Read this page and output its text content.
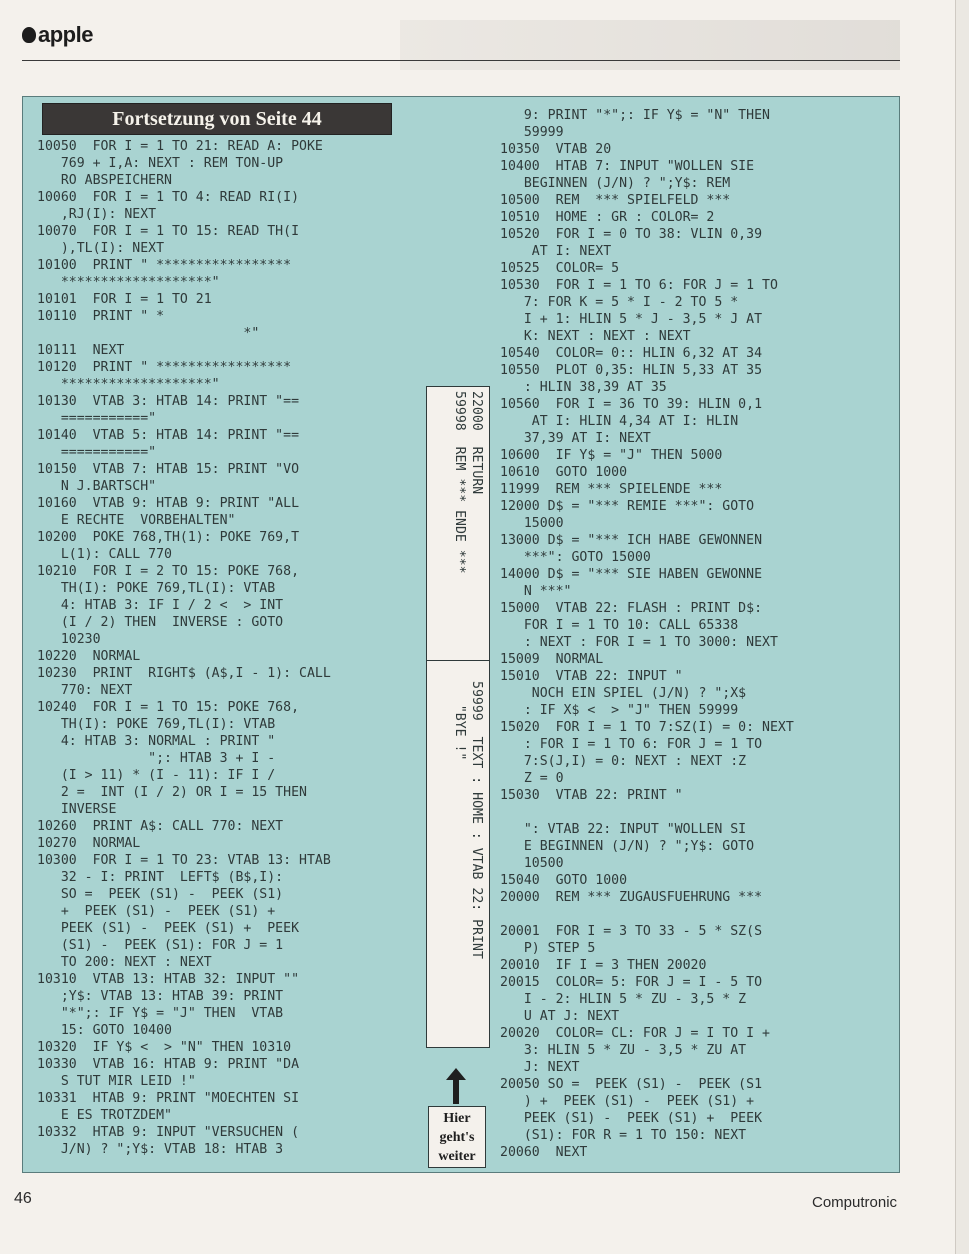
apple
Fortsetzung von Seite 44
10050  FOR I = 1 TO 21: READ A: POKE
769 + I,A: NEXT : REM TON-UP
RO ABSPEICHERN
10060  FOR I = 1 TO 4: READ RI(I)
,RJ(I): NEXT
10070  FOR I = 1 TO 15: READ TH(I
),TL(I): NEXT
10100  PRINT " *****************
*******************"
10101  FOR I = 1 TO 21
10110  PRINT " *
*"
10111  NEXT
10120  PRINT " *****************
*******************"
10130  VTAB 3: HTAB 14: PRINT "==
==========="
10140  VTAB 5: HTAB 14: PRINT "==
==========="
10150  VTAB 7: HTAB 15: PRINT "VO
N J.BARTSCH"
10160  VTAB 9: HTAB 9: PRINT "ALL
E RECHTE  VORBEHALTEN"
10200  POKE 768,TH(1): POKE 769,T
L(1): CALL 770
10210  FOR I = 2 TO 15: POKE 768,
TH(I): POKE 769,TL(I): VTAB
4: HTAB 3: IF I / 2 <  > INT
(I / 2) THEN  INVERSE : GOTO
10230
10220  NORMAL
10230  PRINT  RIGHT$ (A$,I - 1): CALL
770: NEXT
10240  FOR I = 1 TO 15: POKE 768,
TH(I): POKE 769,TL(I): VTAB
4: HTAB 3: NORMAL : PRINT "
";: HTAB 3 + I -
(I > 11) * (I - 11): IF I /
2 =  INT (I / 2) OR I = 15 THEN
INVERSE
10260  PRINT A$: CALL 770: NEXT
10270  NORMAL
10300  FOR I = 1 TO 23: VTAB 13: HTAB
32 - I: PRINT  LEFT$ (B$,I):
SO =  PEEK (S1) -  PEEK (S1)
+  PEEK (S1) -  PEEK (S1) +
PEEK (S1) -  PEEK (S1) +  PEEK
(S1) -  PEEK (S1): FOR J = 1
TO 200: NEXT : NEXT
10310  VTAB 13: HTAB 32: INPUT ""
;Y$: VTAB 13: HTAB 39: PRINT
"*";: IF Y$ = "J" THEN  VTAB
15: GOTO 10400
10320  IF Y$ <  > "N" THEN 10310
10330  VTAB 16: HTAB 9: PRINT "DA
S TUT MIR LEID !"
10331  HTAB 9: PRINT "MOECHTEN SI
E ES TROTZDEM"
10332  HTAB 9: INPUT "VERSUCHEN (
J/N) ? ";Y$: VTAB 18: HTAB 3
9: PRINT "*";: IF Y$ = "N" THEN
59999
10350  VTAB 20
10400  HTAB 7: INPUT "WOLLEN SIE
BEGINNEN (J/N) ? ";Y$: REM
10500  REM  *** SPIELFELD ***
10510  HOME : GR : COLOR= 2
10520  FOR I = 0 TO 38: VLIN 0,39
AT I: NEXT
10525  COLOR= 5
10530  FOR I = 1 TO 6: FOR J = 1 TO
7: FOR K = 5 * I - 2 TO 5 *
I + 1: HLIN 5 * J - 3,5 * J AT
K: NEXT : NEXT : NEXT
10540  COLOR= 0:: HLIN 6,32 AT 34
10550  PLOT 0,35: HLIN 5,33 AT 35
: HLIN 38,39 AT 35
10560  FOR I = 36 TO 39: HLIN 0,1
AT I: HLIN 4,34 AT I: HLIN
37,39 AT I: NEXT
10600  IF Y$ = "J" THEN 5000
10610  GOTO 1000
11999  REM *** SPIELENDE ***
12000 D$ = "*** REMIE ***": GOTO
15000
13000 D$ = "*** ICH HABE GEWONNEN
***": GOTO 15000
14000 D$ = "*** SIE HABEN GEWONNE
N ***"
15000  VTAB 22: FLASH : PRINT D$:
FOR I = 1 TO 10: CALL 65338
: NEXT : FOR I = 1 TO 3000: NEXT
15009  NORMAL
15010  VTAB 22: INPUT "
NOCH EIN SPIEL (J/N) ? ";X$
: IF X$ <  > "J" THEN 59999
15020  FOR I = 1 TO 7:SZ(I) = 0: NEXT
: FOR I = 1 TO 6: FOR J = 1 TO
7:S(J,I) = 0: NEXT : NEXT :Z
Z = 0
15030  VTAB 22: PRINT "

": VTAB 22: INPUT "WOLLEN SI
E BEGINNEN (J/N) ? ";Y$: GOTO
10500
15040  GOTO 1000
20000  REM *** ZUGAUSFUEHRUNG ***

20001  FOR I = 3 TO 33 - 5 * SZ(S
P) STEP 5
20010  IF I = 3 THEN 20020
20015  COLOR= 5: FOR J = I - 5 TO
I - 2: HLIN 5 * ZU - 3,5 * Z
U AT J: NEXT
20020  COLOR= CL: FOR J = I TO I +
3: HLIN 5 * ZU - 3,5 * ZU AT
J: NEXT
20050 SO =  PEEK (S1) -  PEEK (S1
) +  PEEK (S1) -  PEEK (S1) +
PEEK (S1) -  PEEK (S1) +  PEEK
(S1): FOR R = 1 TO 150: NEXT
20060  NEXT
22000  RETURN
59998  REM *** ENDE ***
59999  TEXT : HOME : VTAB 22: PRINT
"BYE !"
Hier
geht's
weiter
46	Computronic
